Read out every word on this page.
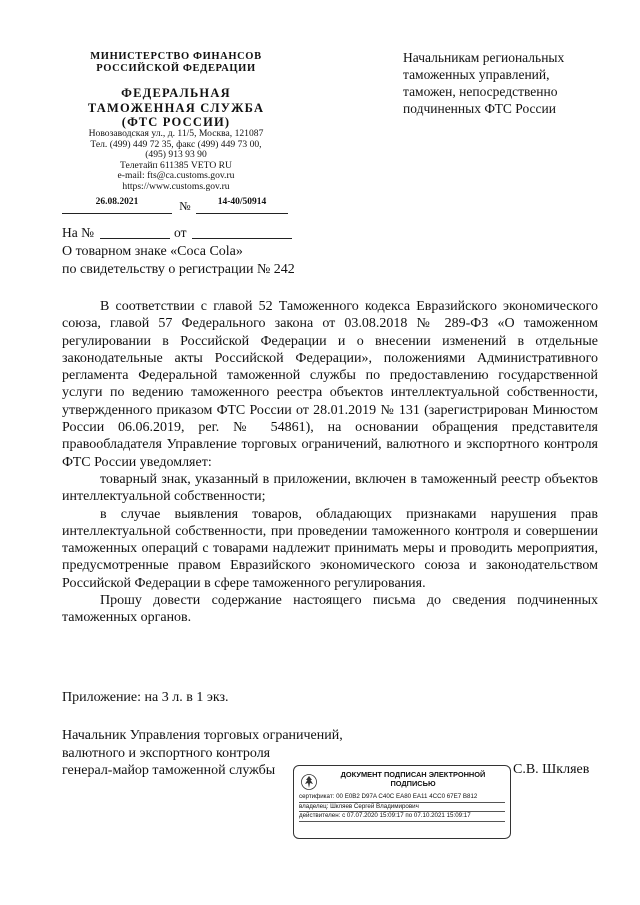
МИНИСТЕРСТВО ФИНАНСОВ
РОССИЙСКОЙ ФЕДЕРАЦИИ
ФЕДЕРАЛЬНАЯ
ТАМОЖЕННАЯ СЛУЖБА
(ФТС РОССИИ)
Новозаводская ул., д. 11/5, Москва, 121087
Тел. (499) 449 72 35, факс (499) 449 73 00,
(495) 913 93 90
Телетайп 611385 VETO RU
e-mail: fts@ca.customs.gov.ru
https://www.customs.gov.ru
Начальникам региональных
таможенных управлений,
таможен, непосредственно
подчиненных ФТС России
26.08.2021	№	14-40/50914
На №	от
О товарном знаке «Coca Cola»
по свидетельству о регистрации № 242

В соответствии с главой 52 Таможенного кодекса Евразийского экономического союза, главой 57 Федерального закона от 03.08.2018 № 289-ФЗ «О таможенном регулировании в Российской Федерации и о внесении изменений в отдельные законодательные акты Российской Федерации», положениями Административного регламента Федеральной таможенной службы по предоставлению государственной услуги по ведению таможенного реестра объектов интеллектуальной собственности, утвержденного приказом ФТС России от 28.01.2019 № 131 (зарегистрирован Минюстом России 06.06.2019, рег. № 54861), на основании обращения представителя правообладателя Управление торговых ограничений, валютного и экспортного контроля ФТС России уведомляет:

товарный знак, указанный в приложении, включен в таможенный реестр объектов интеллектуальной собственности;

в случае выявления товаров, обладающих признаками нарушения прав интеллектуальной собственности, при проведении таможенного контроля и совершении таможенных операций с товарами надлежит принимать меры и проводить мероприятия, предусмотренные правом Евразийского экономического союза и законодательством Российской Федерации в сфере таможенного регулирования.

Прошу довести содержание настоящего письма до сведения подчиненных таможенных органов.

Приложение: на 3 л. в 1 экз.
Начальник Управления торговых ограничений,
валютного и экспортного контроля
генерал-майор таможенной службы	С.В. Шкляев
ДОКУМЕНТ ПОДПИСАН ЭЛЕКТРОННОЙ
ПОДПИСЬЮ
сертификат: 00 E0B2 D97A C40C EA80 EA11 4CC0 67E7 B812
владелец: Шкляев Сергей Владимирович
действителен: с 07.07.2020 15:09:17 по 07.10.2021 15:09:17
